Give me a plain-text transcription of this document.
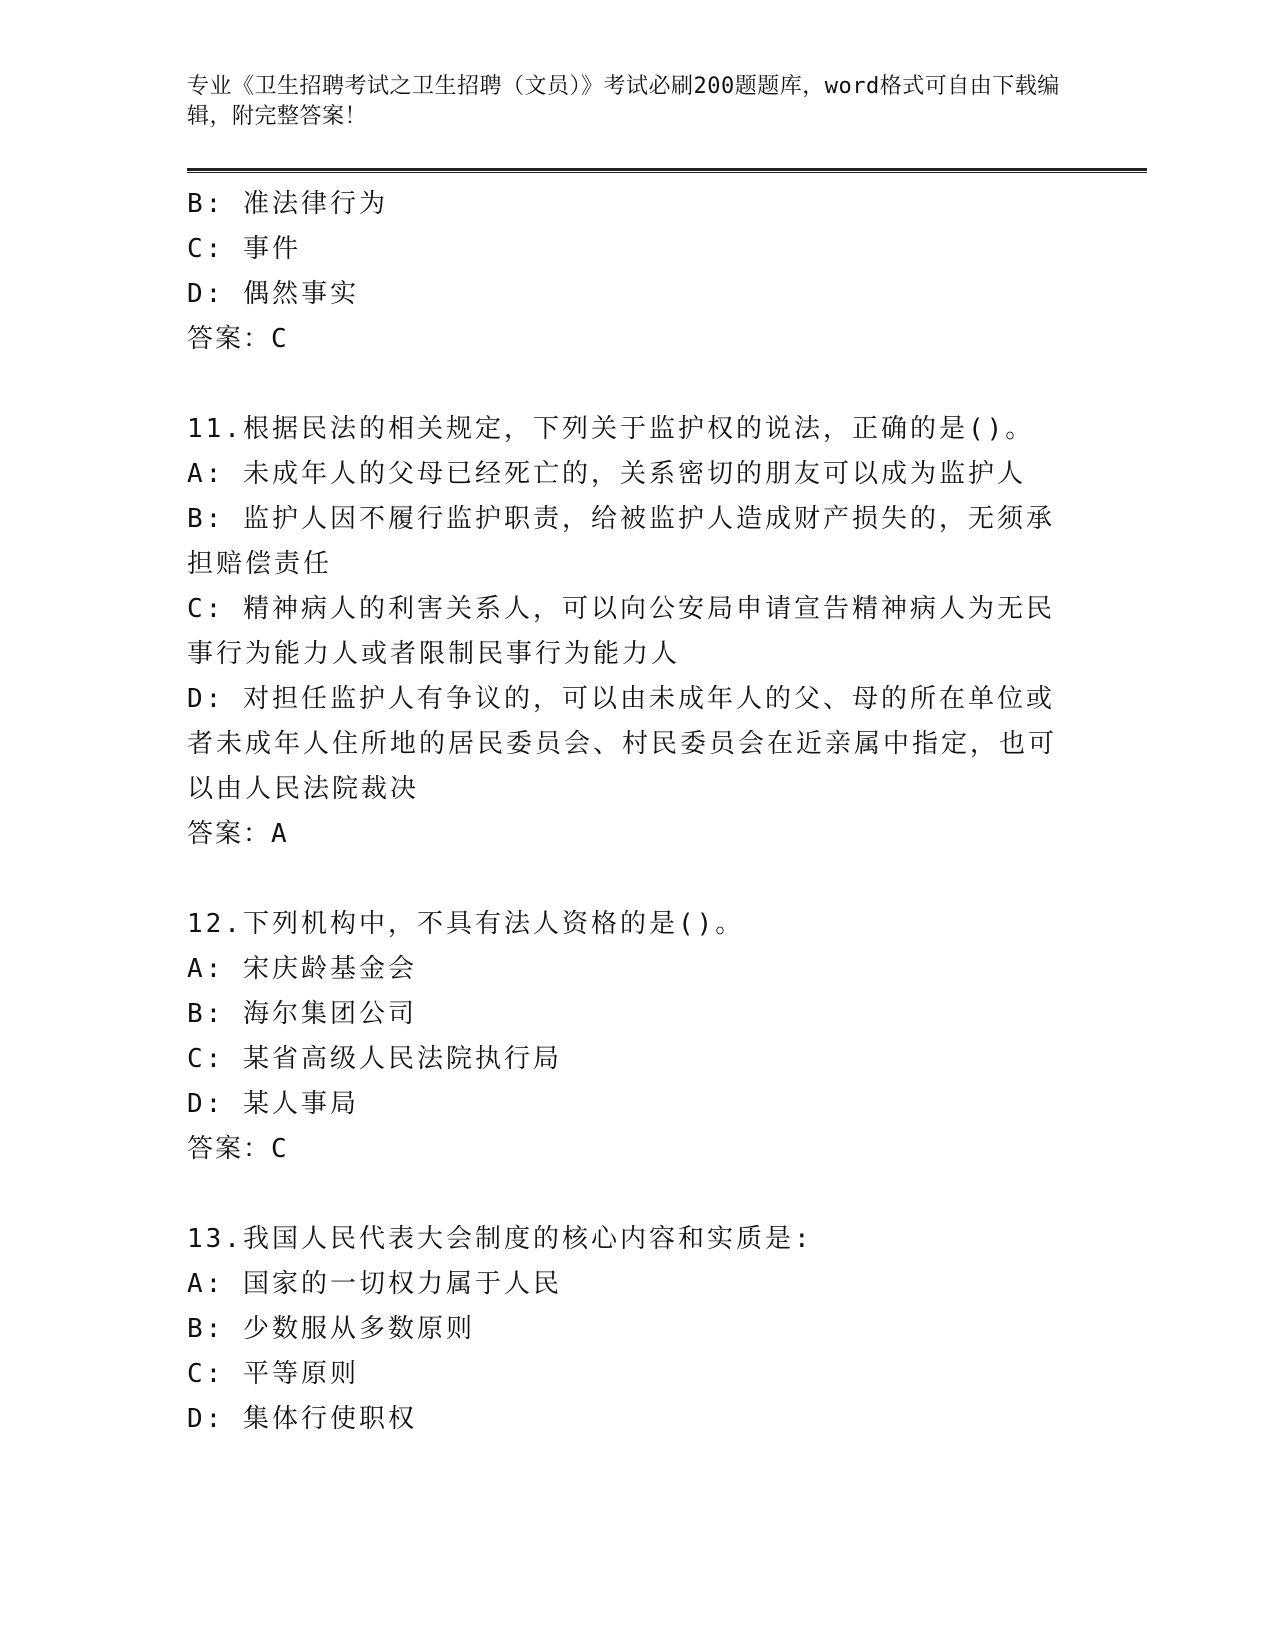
专业《卫生招聘考试之卫生招聘（文员）》考试必刷200题题库，word格式可自由下载编辑，附完整答案！

B: 准法律行为

C: 事件

D: 偶然事实

答案：C

11.根据民法的相关规定，下列关于监护权的说法，正确的是()。

A: 未成年人的父母已经死亡的，关系密切的朋友可以成为监护人

B: 监护人因不履行监护职责，给被监护人造成财产损失的，无须承担赔偿责任

C: 精神病人的利害关系人，可以向公安局申请宣告精神病人为无民事行为能力人或者限制民事行为能力人

D: 对担任监护人有争议的，可以由未成年人的父、母的所在单位或者未成年人住所地的居民委员会、村民委员会在近亲属中指定，也可以由人民法院裁决

答案：A

12.下列机构中，不具有法人资格的是()。

A: 宋庆龄基金会

B: 海尔集团公司

C: 某省高级人民法院执行局

D: 某人事局

答案：C

13.我国人民代表大会制度的核心内容和实质是:

A: 国家的一切权力属于人民

B: 少数服从多数原则

C: 平等原则

D: 集体行使职权
